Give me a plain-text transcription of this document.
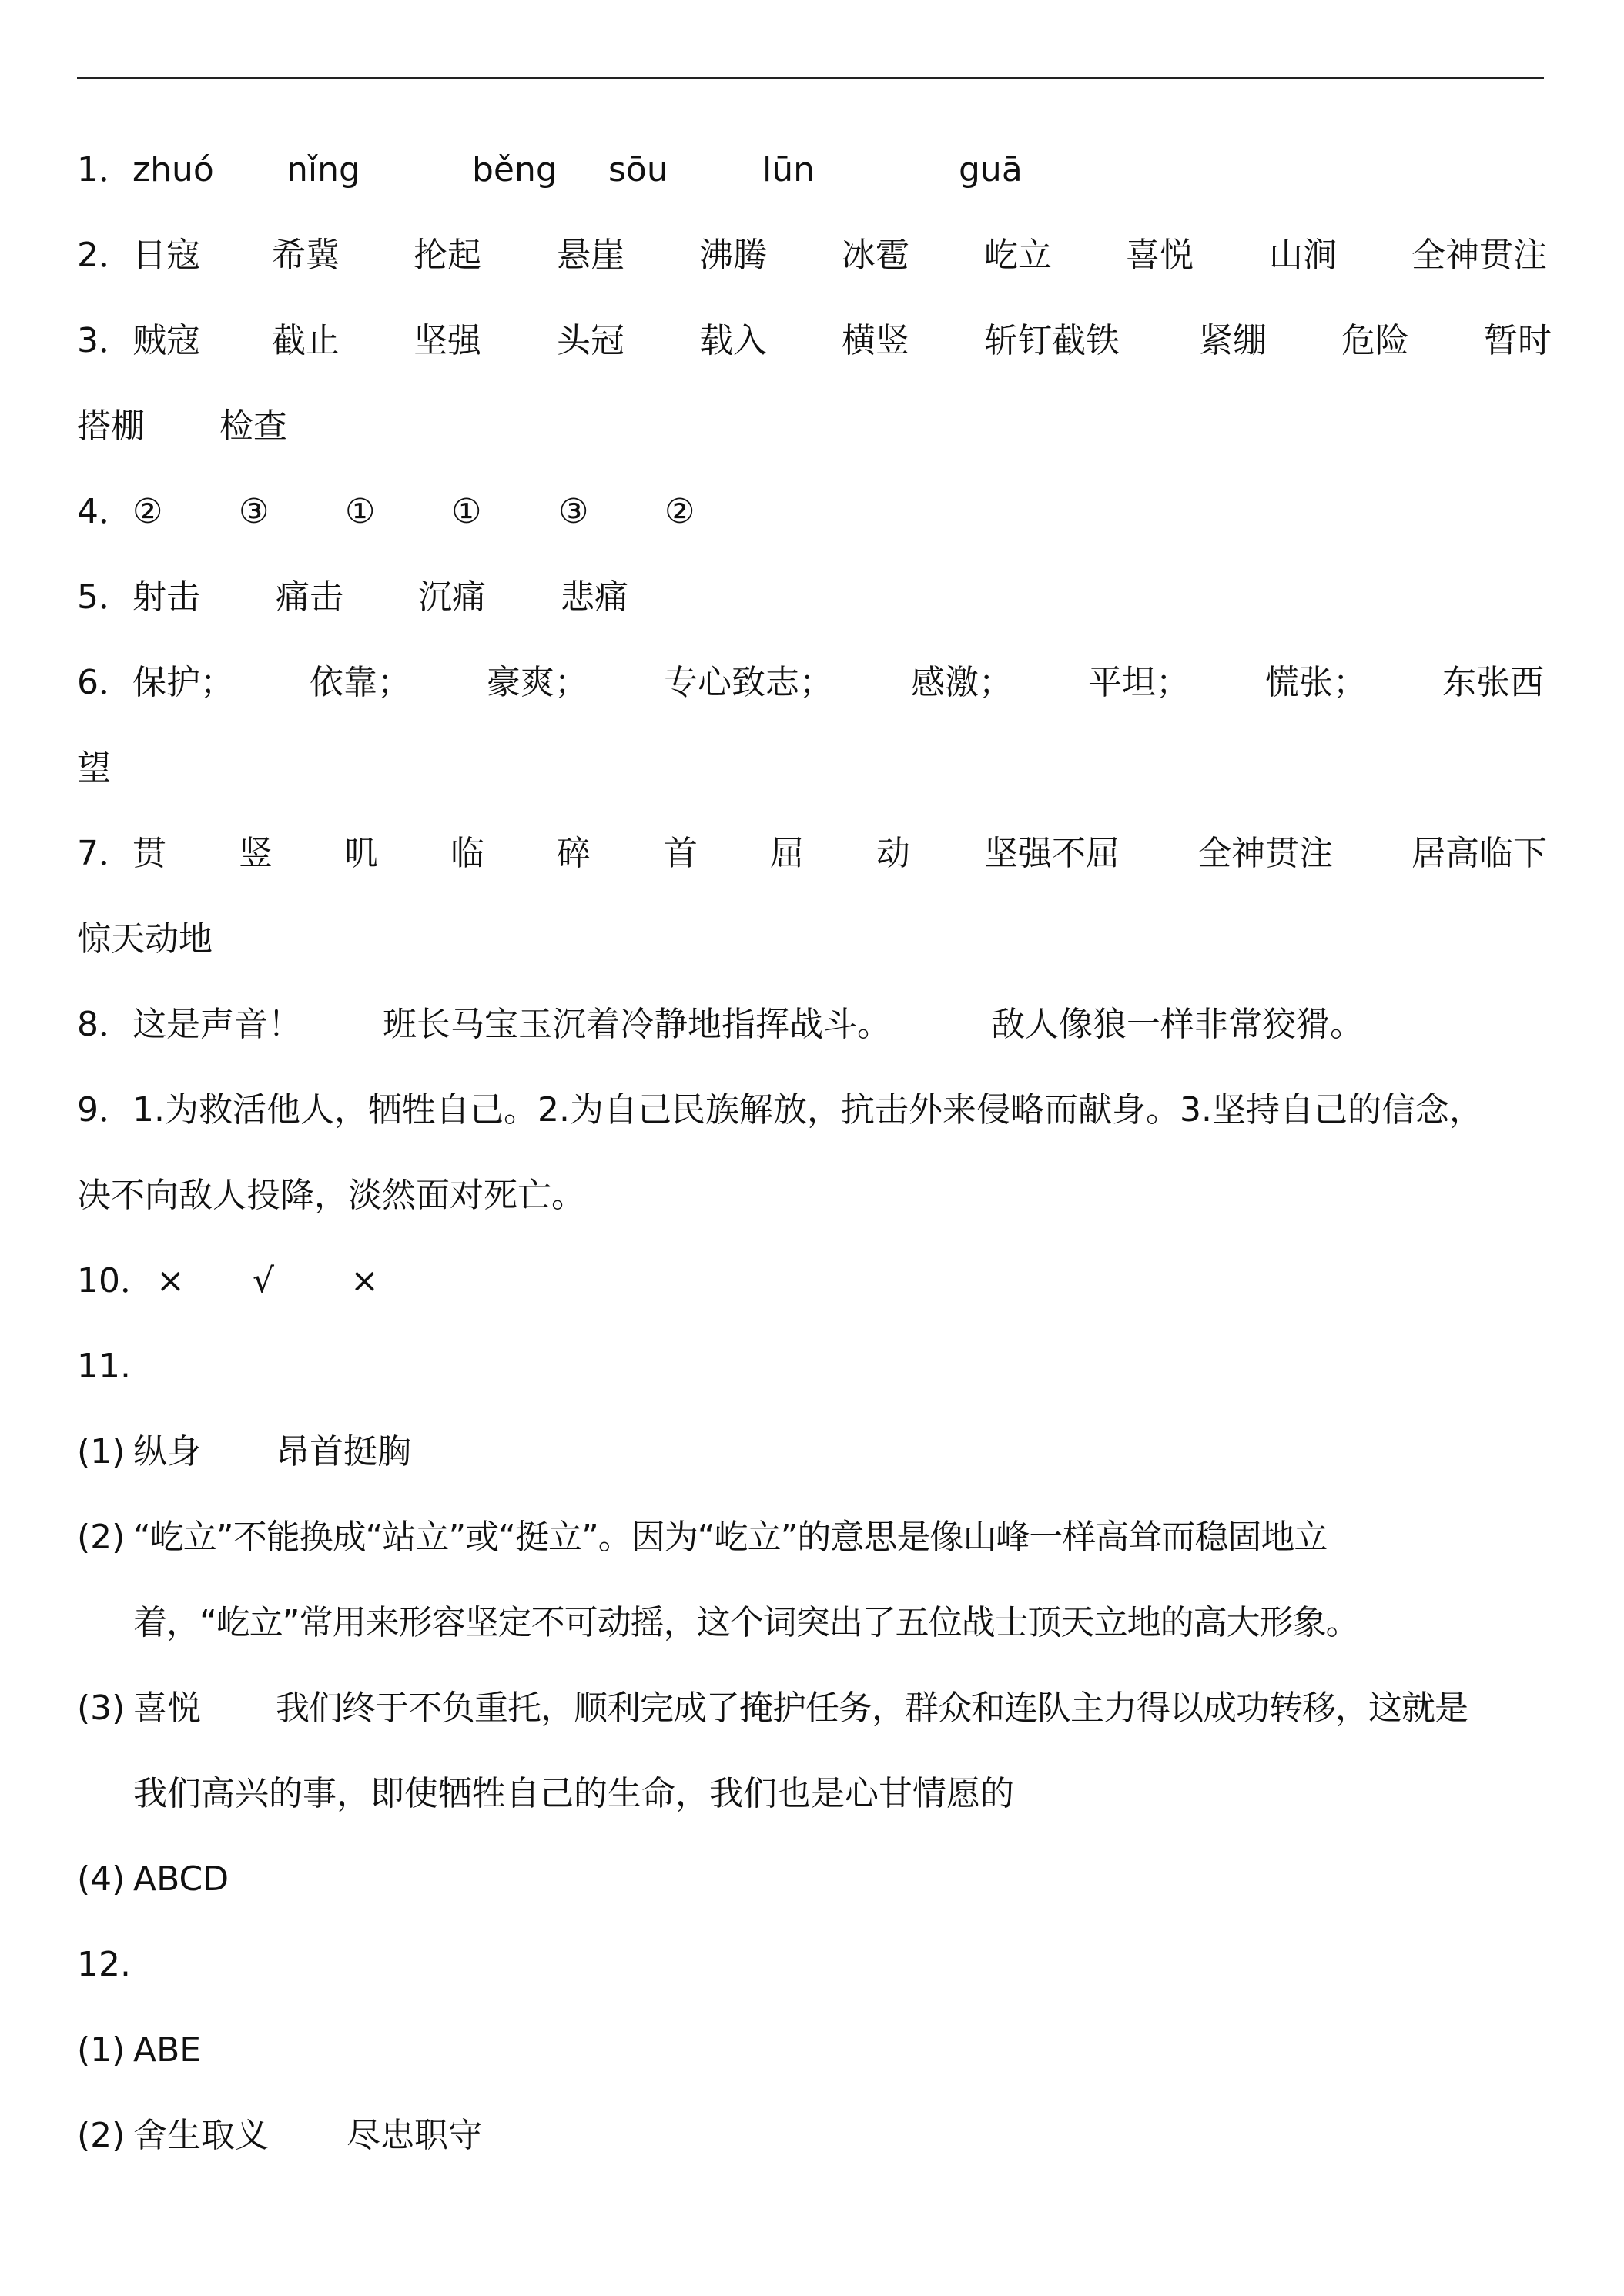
1． zhuó nǐng	běng sōu	lūn	guā
2． 日寇 希冀 抡起 悬崖 沸腾 冰雹 屹立 喜悦 山涧 全神贯注
3． 贼寇 截止 坚强 头冠 载入 横竖 斩钉截铁 紧绷 危险 暂时
搭棚 检查
4． ② ③ ① ① ③ ②
5． 射击 痛击 沉痛 悲痛
6． 保护； 依靠； 豪爽； 专心致志； 感激； 平坦； 慌张； 东张西
望
7． 贯 竖 叽 临 碎 首 屈 动 坚强不屈 全神贯注 居高临下
惊天动地
8． 这是声音！ 班长马宝玉沉着冷静地指挥战斗。	敌人像狼一样非常狡猾。
9． 1.为救活他人，牺牲自己。2.为自己民族解放，抗击外来侵略而献身。3.坚持自己的信念，
决不向敌人投降，淡然面对死亡。
10． × √ ×
11.
(1) 纵身 昂首挺胸
(2) “屹立”不能换成“站立”或“挺立”。因为“屹立”的意思是像山峰一样高耸而稳固地立
着，“屹立”常用来形容坚定不可动摇，这个词突出了五位战士顶天立地的高大形象。
(3) 喜悦 我们终于不负重托，顺利完成了掩护任务，群众和连队主力得以成功转移，这就是
我们高兴的事，即使牺牲自己的生命，我们也是心甘情愿的
(4) ABCD
12.
(1) ABE
(2) 舍生取义 尽忠职守
